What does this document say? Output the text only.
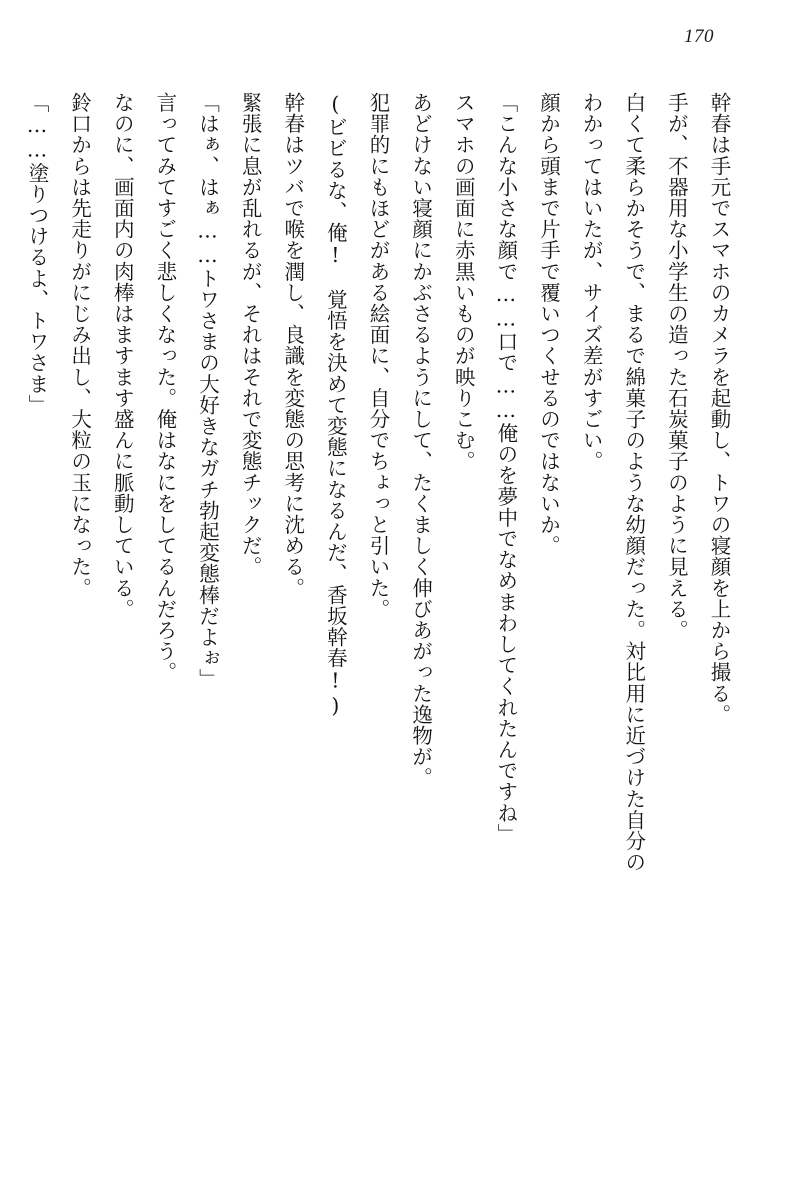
170

幹春は手元でスマホのカメラを起動し、トワの寝顔を上から撮る。

手が、不器用な小学生の造った石炭菓子のように見える。

白くて柔らかそうで、まるで綿菓子のような幼顔だった。対比用に近づけた自分の

わかってはいたが、サイズ差がすごい。

顔から頭まで片手で覆いつくせるのではないか。

「こんな小さな顔で……口で……俺のを夢中でなめまわしてくれたんですね」

スマホの画面に赤黒いものが映りこむ。

あどけない寝顔にかぶさるようにして、たくましく伸びあがった逸物が。

犯罪的にもほどがある絵面に、自分でちょっと引いた。

(ビビるな、俺!　覚悟を決めて変態になるんだ、香坂幹春!)

幹春はツバで喉を潤し、良識を変態の思考に沈める。

緊張に息が乱れるが、それはそれで変態チックだ。

「はぁ、はぁ……トワさまの大好きなガチ勃起変態棒だよぉ」

言ってみてすごく悲しくなった。俺はなにをしてるんだろう。

なのに、画面内の肉棒はますます盛んに脈動している。

鈴口からは先走りがにじみ出し、大粒の玉になった。

「……塗りつけるよ、トワさま」
